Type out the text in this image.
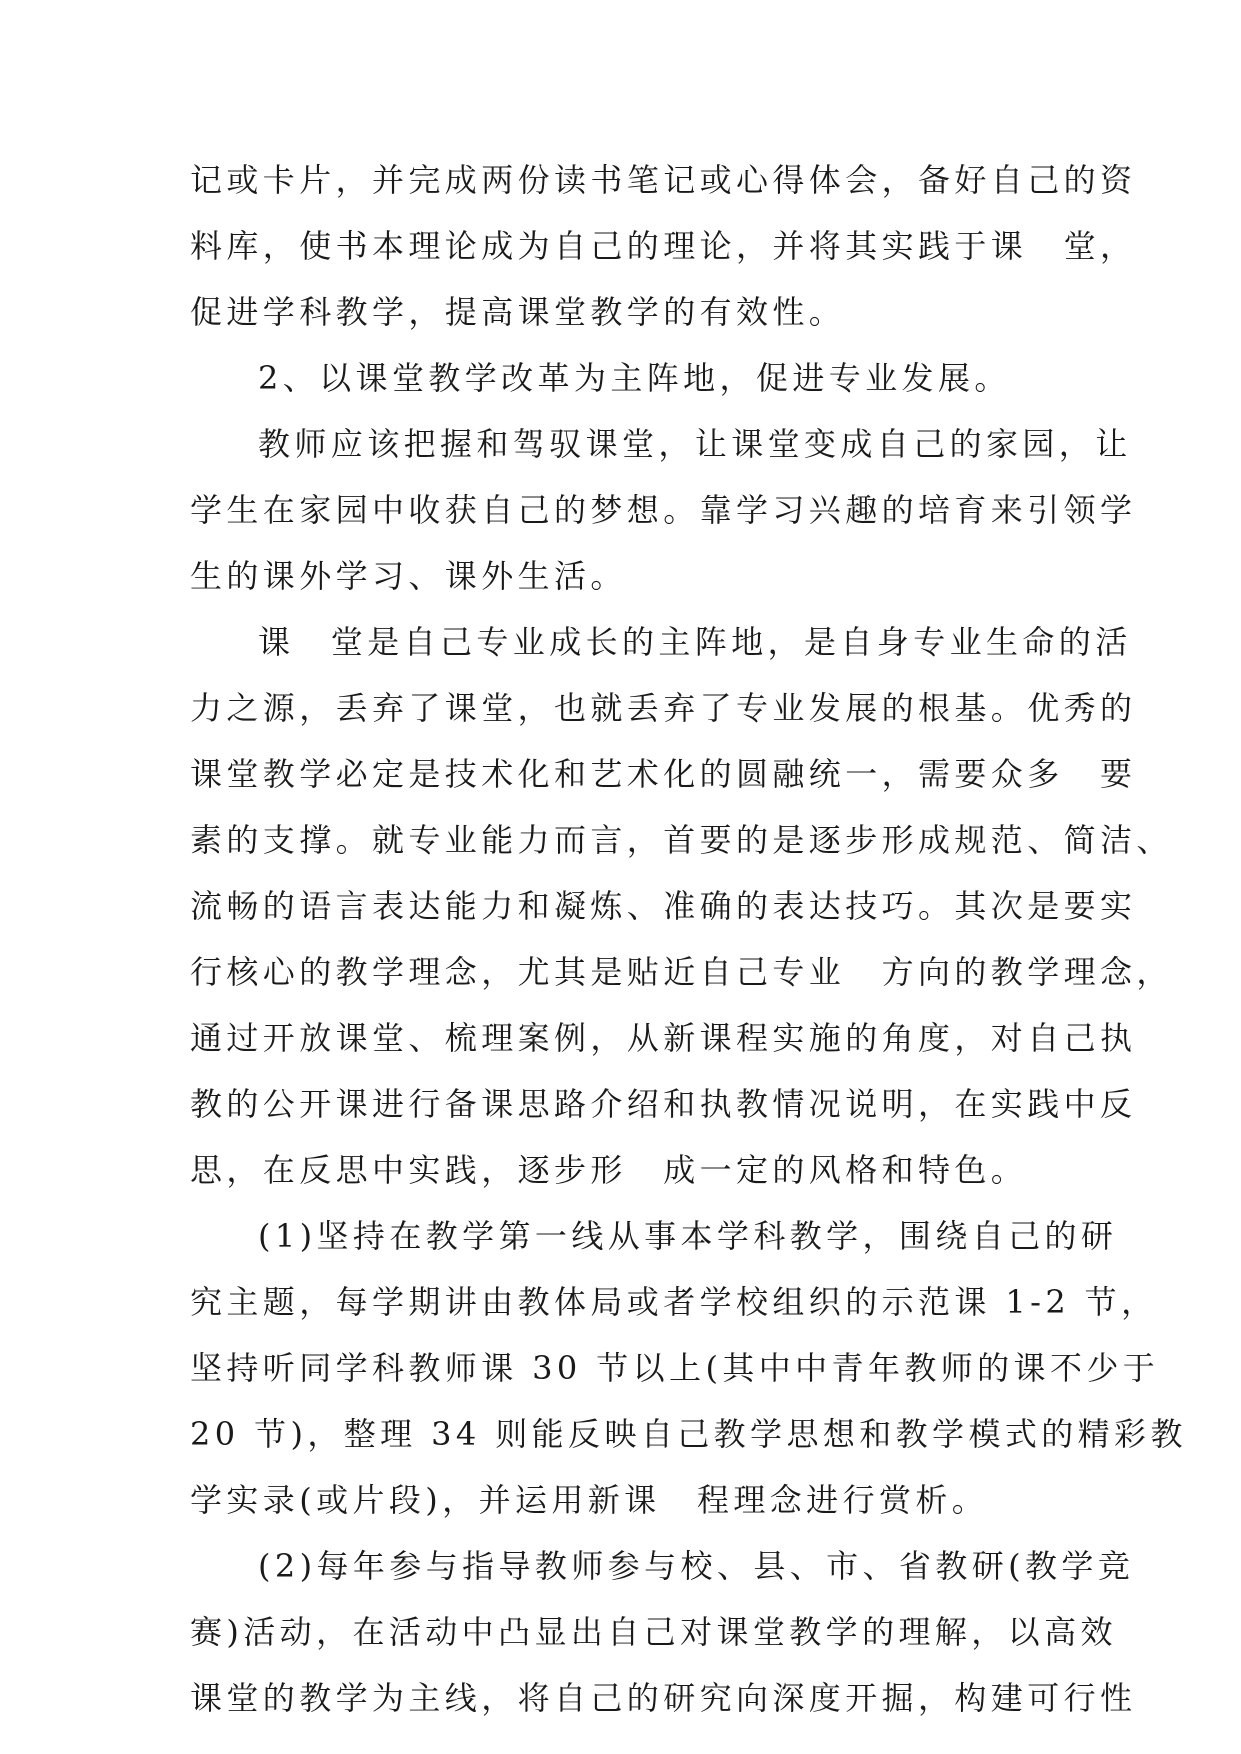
记或卡片，并完成两份读书笔记或心得体会，备好自己的资
料库，使书本理论成为自己的理论，并将其实践于课　堂，
促进学科教学，提高课堂教学的有效性。
2、以课堂教学改革为主阵地，促进专业发展。
教师应该把握和驾驭课堂，让课堂变成自己的家园，让
学生在家园中收获自己的梦想。靠学习兴趣的培育来引领学
生的课外学习、课外生活。
课　堂是自己专业成长的主阵地，是自身专业生命的活
力之源，丢弃了课堂，也就丢弃了专业发展的根基。优秀的
课堂教学必定是技术化和艺术化的圆融统一，需要众多　要
素的支撑。就专业能力而言，首要的是逐步形成规范、简洁、
流畅的语言表达能力和凝炼、准确的表达技巧。其次是要实
行核心的教学理念，尤其是贴近自己专业　方向的教学理念，
通过开放课堂、梳理案例，从新课程实施的角度，对自己执
教的公开课进行备课思路介绍和执教情况说明，在实践中反
思，在反思中实践，逐步形　成一定的风格和特色。
(1)坚持在教学第一线从事本学科教学，围绕自己的研
究主题，每学期讲由教体局或者学校组织的示范课 1-2 节，
坚持听同学科教师课 30 节以上(其中中青年教师的课不少于
20 节)，整理 34 则能反映自己教学思想和教学模式的精彩教
学实录(或片段)，并运用新课　程理念进行赏析。
(2)每年参与指导教师参与校、县、市、省教研(教学竞
赛)活动，在活动中凸显出自己对课堂教学的理解，以高效
课堂的教学为主线，将自己的研究向深度开掘，构建可行性
